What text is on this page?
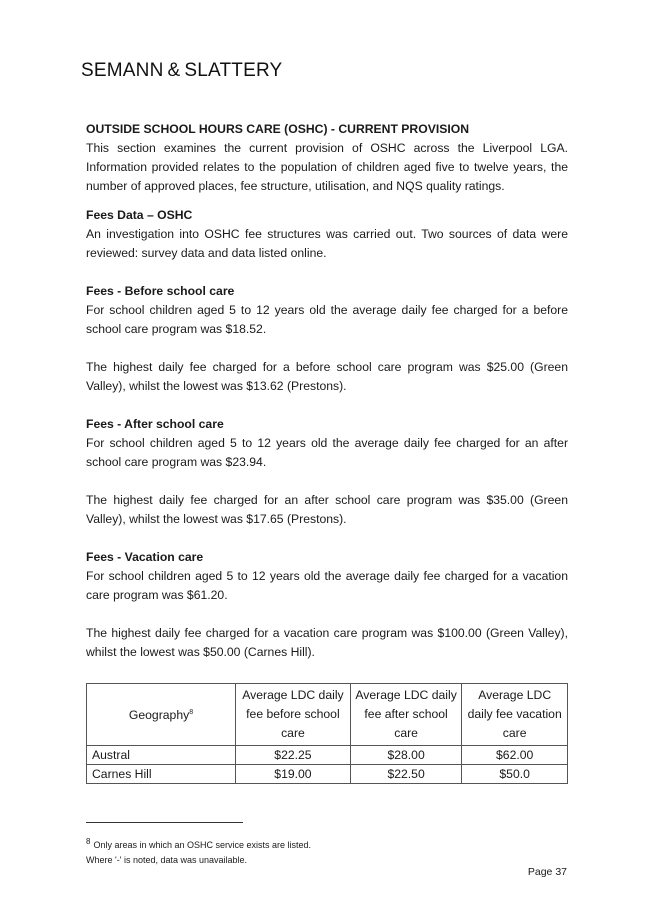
SEMANN & SLATTERY

OUTSIDE SCHOOL HOURS CARE (OSHC) - CURRENT PROVISION

This section examines the current provision of OSHC across the Liverpool LGA. Information provided relates to the population of children aged five to twelve years, the number of approved places, fee structure, utilisation, and NQS quality ratings.

Fees Data – OSHC

An investigation into OSHC fee structures was carried out. Two sources of data were reviewed: survey data and data listed online.

Fees - Before school care

For school children aged 5 to 12 years old the average daily fee charged for a before school care program was $18.52.

The highest daily fee charged for a before school care program was $25.00 (Green Valley), whilst the lowest was $13.62 (Prestons).

Fees - After school care

For school children aged 5 to 12 years old the average daily fee charged for an after school care program was $23.94.

The highest daily fee charged for an after school care program was $35.00 (Green Valley), whilst the lowest was $17.65 (Prestons).

Fees - Vacation care

For school children aged 5 to 12 years old the average daily fee charged for a vacation care program was $61.20.

The highest daily fee charged for a vacation care program was $100.00 (Green Valley), whilst the lowest was $50.00 (Carnes Hill).

Geography$^8$	Average LDC daily fee before school care	Average LDC daily fee after school care	Average LDC daily fee vacation care
Austral	$22.25	$28.00	$62.00
Carnes Hill	$19.00	$22.50	$50.0
8 Only areas in which an OSHC service exists are listed.
Where '-' is noted, data was unavailable.
Page 37
